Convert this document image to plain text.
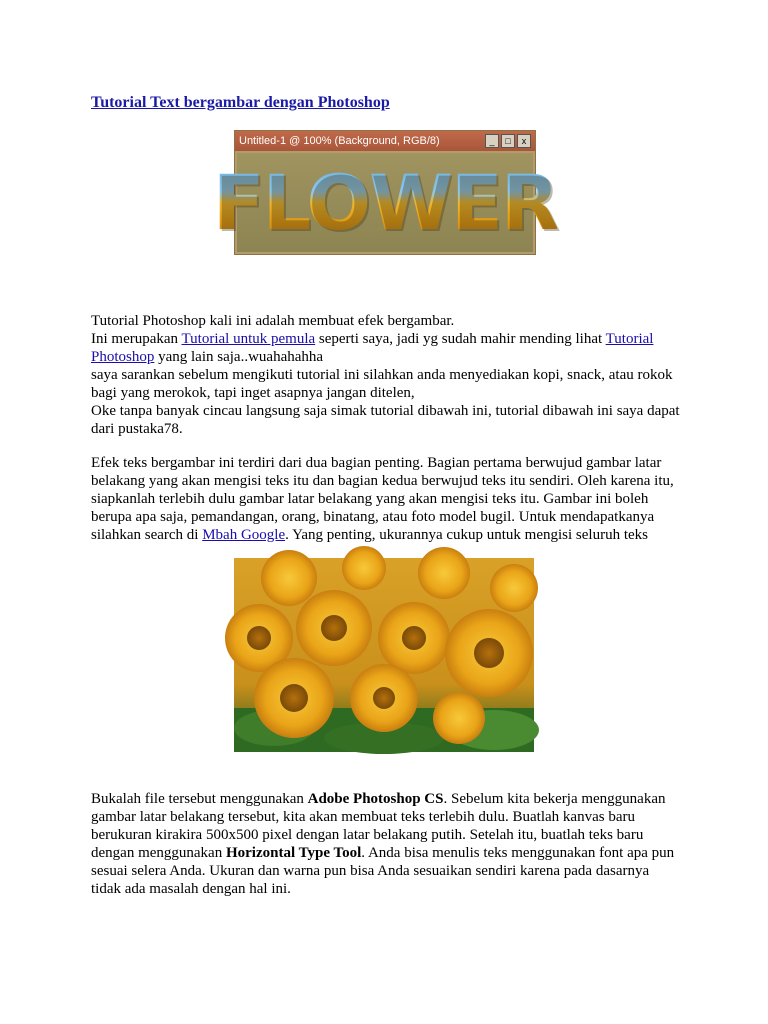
Tutorial Text bergambar dengan Photoshop
Untitled-1 @ 100% (Background, RGB/8)	_	□	x
FLOWER

Tutorial Photoshop kali ini adalah membuat efek bergambar.
Ini merupakan Tutorial untuk pemula seperti saya, jadi yg sudah mahir mending lihat Tutorial Photoshop yang lain saja..wuahahahha
saya sarankan sebelum mengikuti tutorial ini silahkan anda menyediakan kopi, snack, atau rokok bagi yang merokok, tapi inget asapnya jangan ditelen,
Oke tanpa banyak cincau langsung saja simak tutorial dibawah ini, tutorial dibawah ini saya dapat dari pustaka78.

Efek teks bergambar ini terdiri dari dua bagian penting. Bagian pertama berwujud gambar latar belakang yang akan mengisi teks itu dan bagian kedua berwujud teks itu sendiri. Oleh karena itu, siapkanlah terlebih dulu gambar latar belakang yang akan mengisi teks itu. Gambar ini boleh berupa apa saja, pemandangan, orang, binatang, atau foto model bugil. Untuk mendapatkanya silahkan search di Mbah Google. Yang penting, ukurannya cukup untuk mengisi seluruh teks

Bukalah file tersebut menggunakan Adobe Photoshop CS. Sebelum kita bekerja menggunakan gambar latar belakang tersebut, kita akan membuat teks terlebih dulu. Buatlah kanvas baru berukuran kirakira 500x500 pixel dengan latar belakang putih. Setelah itu, buatlah teks baru dengan menggunakan Horizontal Type Tool. Anda bisa menulis teks menggunakan font apa pun sesuai selera Anda. Ukuran dan warna pun bisa Anda sesuaikan sendiri karena pada dasarnya tidak ada masalah dengan hal ini.
